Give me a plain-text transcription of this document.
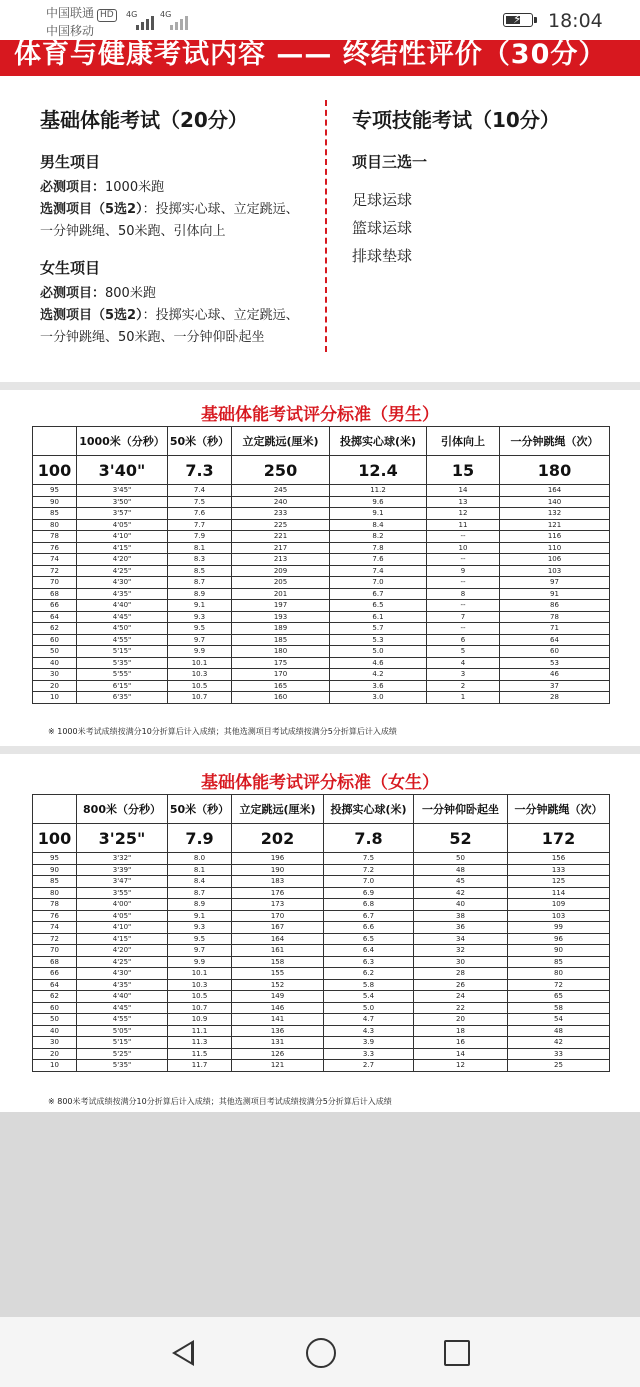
中国联通 HD
中国移动
4G	4G	⚡ 18:04
体育与健康考试内容 —— 终结性评价（30分）
基础体能考试（20分）
男生项目
必测项目：1000米跑
选测项目（5选2）：投掷实心球、立定跳远、
一分钟跳绳、50米跑、引体向上
女生项目
必测项目：800米跑
选测项目（5选2）：投掷实心球、立定跳远、
一分钟跳绳、50米跑、一分钟仰卧起坐
专项技能考试（10分）
项目三选一
足球运球
篮球运球
排球垫球
基础体能考试评分标准（男生）
	1000米（分秒）	50米（秒）	立定跳远(厘米)	投掷实心球(米)	引体向上	一分钟跳绳（次）
100	3'40"	7.3	250	12.4	15	180
95	3'45"	7.4	245	11.2	14	164
90	3'50"	7.5	240	9.6	13	140
85	3'57"	7.6	233	9.1	12	132
80	4'05"	7.7	225	8.4	11	121
78	4'10"	7.9	221	8.2	--	116
76	4'15"	8.1	217	7.8	10	110
74	4'20"	8.3	213	7.6	--	106
72	4'25"	8.5	209	7.4	9	103
70	4'30"	8.7	205	7.0	--	97
68	4'35"	8.9	201	6.7	8	91
66	4'40"	9.1	197	6.5	--	86
64	4'45"	9.3	193	6.1	7	78
62	4'50"	9.5	189	5.7	--	71
60	4'55"	9.7	185	5.3	6	64
50	5'15"	9.9	180	5.0	5	60
40	5'35"	10.1	175	4.6	4	53
30	5'55"	10.3	170	4.2	3	46
20	6'15"	10.5	165	3.6	2	37
10	6'35"	10.7	160	3.0	1	28
※ 1000米考试成绩按满分10分折算后计入成绩；其他选测项目考试成绩按满分5分折算后计入成绩
基础体能考试评分标准（女生）
	800米（分秒）	50米（秒）	立定跳远(厘米)	投掷实心球(米)	一分钟仰卧起坐	一分钟跳绳（次）
100	3'25"	7.9	202	7.8	52	172
95	3'32"	8.0	196	7.5	50	156
90	3'39"	8.1	190	7.2	48	133
85	3'47"	8.4	183	7.0	45	125
80	3'55"	8.7	176	6.9	42	114
78	4'00"	8.9	173	6.8	40	109
76	4'05"	9.1	170	6.7	38	103
74	4'10"	9.3	167	6.6	36	99
72	4'15"	9.5	164	6.5	34	96
70	4'20"	9.7	161	6.4	32	90
68	4'25"	9.9	158	6.3	30	85
66	4'30"	10.1	155	6.2	28	80
64	4'35"	10.3	152	5.8	26	72
62	4'40"	10.5	149	5.4	24	65
60	4'45"	10.7	146	5.0	22	58
50	4'55"	10.9	141	4.7	20	54
40	5'05"	11.1	136	4.3	18	48
30	5'15"	11.3	131	3.9	16	42
20	5'25"	11.5	126	3.3	14	33
10	5'35"	11.7	121	2.7	12	25
※ 800米考试成绩按满分10分折算后计入成绩；其他选测项目考试成绩按满分5分折算后计入成绩
